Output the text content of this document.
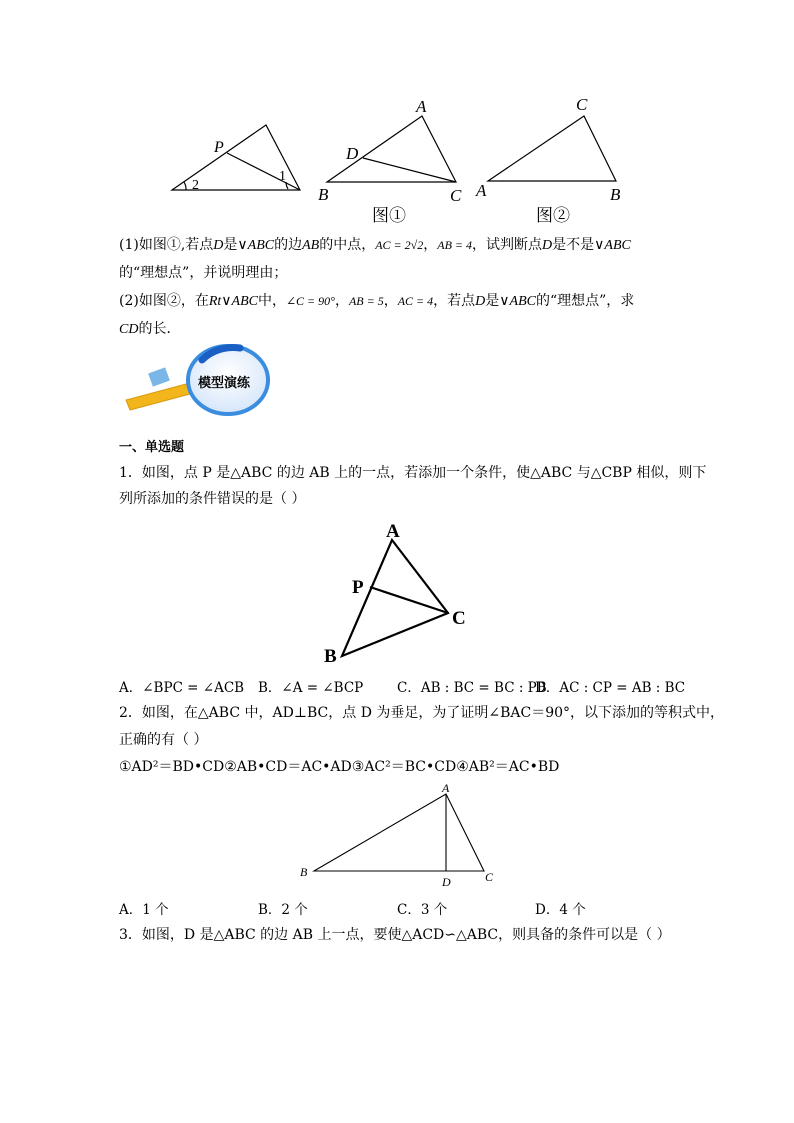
P
2
1
A
B	C
D
图①
C
A	B
图②
(1)如图①,若点D是∨ABC的边AB的中点，AC = 2√2，AB = 4，试判断点D是不是∨ABC
的“理想点”，并说明理由；
(2)如图②，在Rt∨ABC中，∠C = 90°，AB = 5，AC = 4，若点D是∨ABC的“理想点”，求
CD的长．
模型演练
一、单选题
1．如图，点 P 是△ABC 的边 AB 上的一点，若添加一个条件，使△ABC 与△CBP 相似，则下
列所添加的条件错误的是（ ）
A
P
B
C
A．∠BPC = ∠ACB B．∠A = ∠BCP C．AB : BC = BC : PB
D．AC : CP = AB : BC
2．如图，在△ABC 中，AD⊥BC，点 D 为垂足，为了证明∠BAC＝90°，以下添加的等积式中，
正确的有（ ）
①AD²＝BD•CD②AB•CD＝AC•AD③AC²＝BC•CD④AB²＝AC•BD
A
B	C
D
A．1 个	B．2 个	C．3 个	D．4 个
3．如图，D 是△ABC 的边 AB 上一点，要使△ACD∽△ABC，则具备的条件可以是（ ）
